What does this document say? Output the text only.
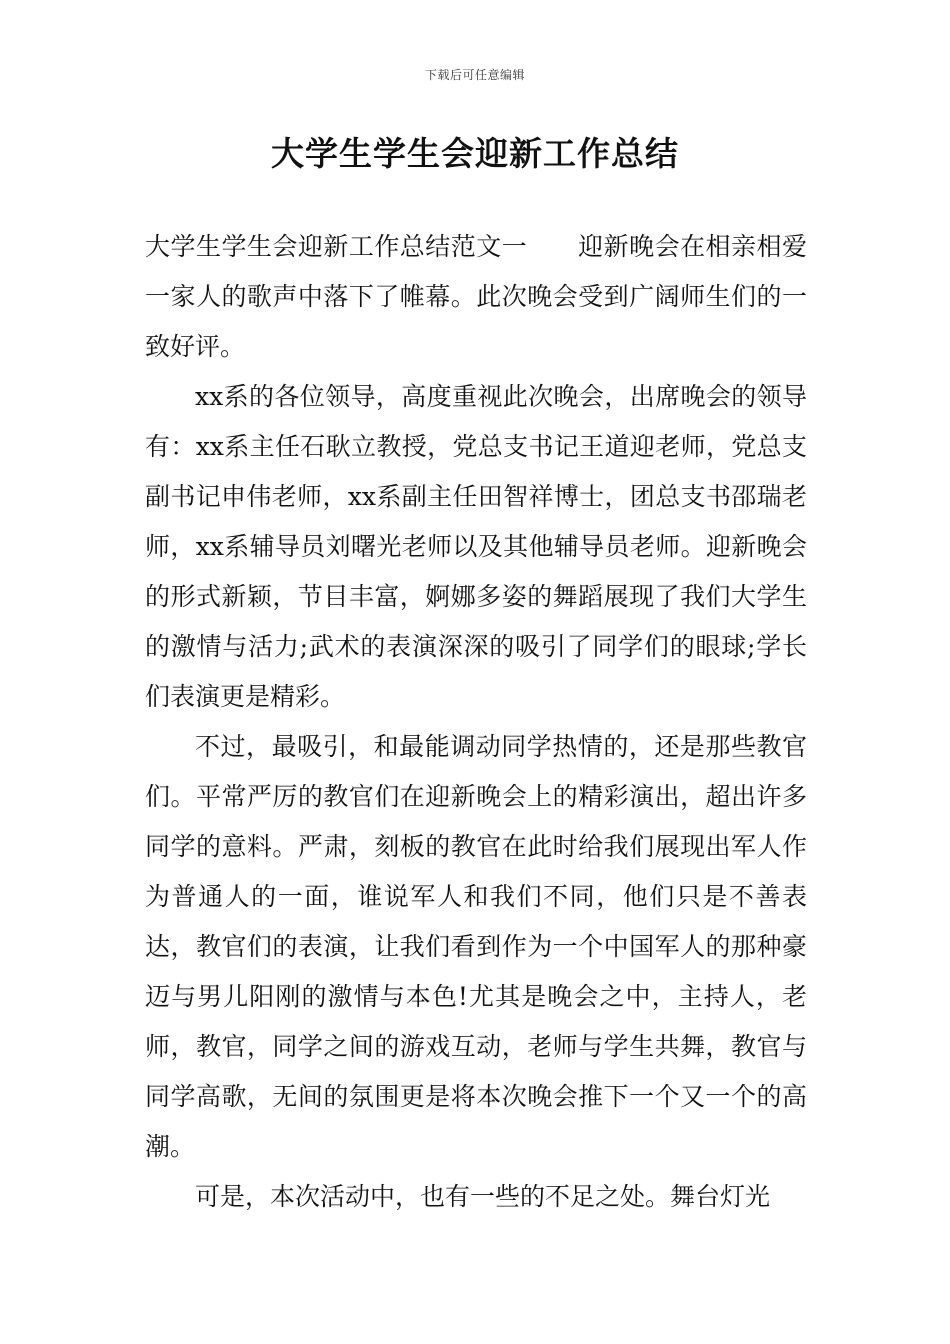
下载后可任意编辑
大学生学生会迎新工作总结

大学生学生会迎新工作总结范文一　　迎新晚会在相亲相爱一家人的歌声中落下了帷幕。此次晚会受到广阔师生们的一致好评。

xx系的各位领导，高度重视此次晚会，出席晚会的领导有：xx系主任石耿立教授，党总支书记王道迎老师，党总支副书记申伟老师，xx系副主任田智祥博士，团总支书邵瑞老师，xx系辅导员刘曙光老师以及其他辅导员老师。迎新晚会的形式新颖，节目丰富，婀娜多姿的舞蹈展现了我们大学生的激情与活力;武术的表演深深的吸引了同学们的眼球;学长们表演更是精彩。

不过，最吸引，和最能调动同学热情的，还是那些教官们。平常严厉的教官们在迎新晚会上的精彩演出，超出许多同学的意料。严肃，刻板的教官在此时给我们展现出军人作为普通人的一面，谁说军人和我们不同，他们只是不善表达，教官们的表演，让我们看到作为一个中国军人的那种豪迈与男儿阳刚的激情与本色!尤其是晚会之中，主持人，老师，教官，同学之间的游戏互动，老师与学生共舞，教官与同学高歌，无间的氛围更是将本次晚会推下一个又一个的高潮。

可是，本次活动中，也有一些的不足之处。舞台灯光
